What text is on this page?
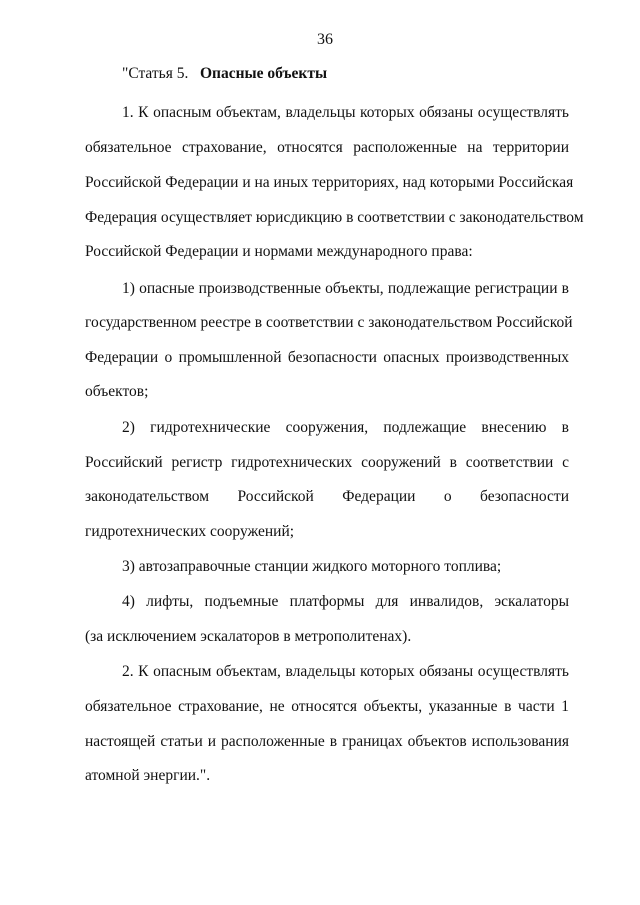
36
"Статья 5. Опасные объекты
1. К опасным объектам, владельцы которых обязаны осуществлять
обязательное страхование, относятся расположенные на территории
Российской Федерации и на иных территориях, над которыми Российская
Федерация осуществляет юрисдикцию в соответствии с законодательством
Российской Федерации и нормами международного права:
1) опасные производственные объекты, подлежащие регистрации в
государственном реестре в соответствии с законодательством Российской
Федерации о промышленной безопасности опасных производственных
объектов;
2) гидротехнические сооружения, подлежащие внесению в
Российский регистр гидротехнических сооружений в соответствии с
законодательством Российской Федерации о безопасности
гидротехнических сооружений;
3) автозаправочные станции жидкого моторного топлива;
4) лифты, подъемные платформы для инвалидов, эскалаторы
(за исключением эскалаторов в метрополитенах).
2. К опасным объектам, владельцы которых обязаны осуществлять
обязательное страхование, не относятся объекты, указанные в части 1
настоящей статьи и расположенные в границах объектов использования
атомной энергии.".
